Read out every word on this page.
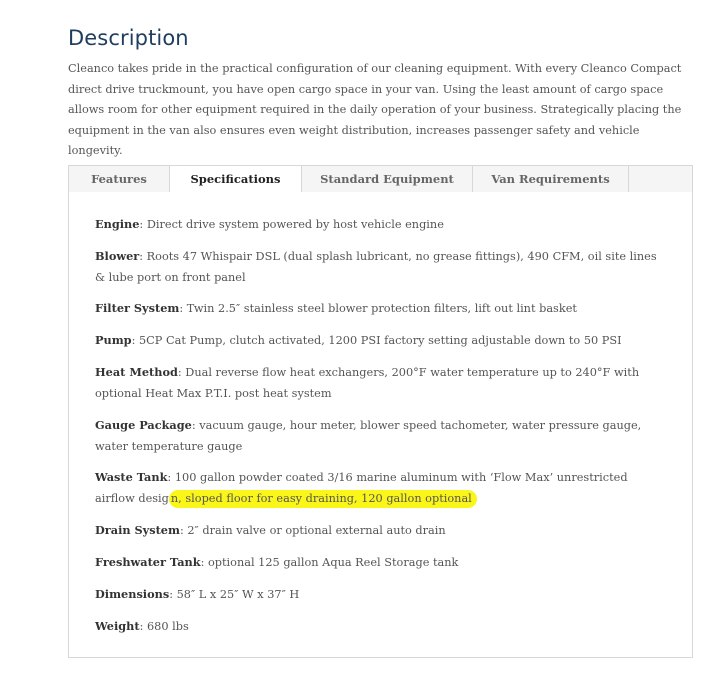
Description

Cleanco takes pride in the practical configuration of our cleaning equipment. With every Cleanco Compact direct drive truckmount, you have open cargo space in your van. Using the least amount of cargo space allows room for other equipment required in the daily operation of your business. Strategically placing the equipment in the van also ensures even weight distribution, increases passenger safety and vehicle longevity.

Features	Specifications	Standard Equipment	Van Requirements
Engine: Direct drive system powered by host vehicle engine
Blower: Roots 47 Whispair DSL (dual splash lubricant, no grease fittings), 490 CFM, oil site lines & lube port on front panel
Filter System: Twin 2.5″ stainless steel blower protection filters, lift out lint basket
Pump: 5CP Cat Pump, clutch activated, 1200 PSI factory setting adjustable down to 50 PSI
Heat Method: Dual reverse flow heat exchangers, 200°F water temperature up to 240°F with optional Heat Max P.T.I. post heat system
Gauge Package: vacuum gauge, hour meter, blower speed tachometer, water pressure gauge, water temperature gauge
Waste Tank: 100 gallon powder coated 3/16 marine aluminum with ‘Flow Max’ unrestricted airflow desig n, sloped floor for easy draining, 120 gallon optional
Drain System: 2″ drain valve or optional external auto drain
Freshwater Tank: optional 125 gallon Aqua Reel Storage tank
Dimensions: 58″ L x 25″ W x 37″ H
Weight: 680 lbs
